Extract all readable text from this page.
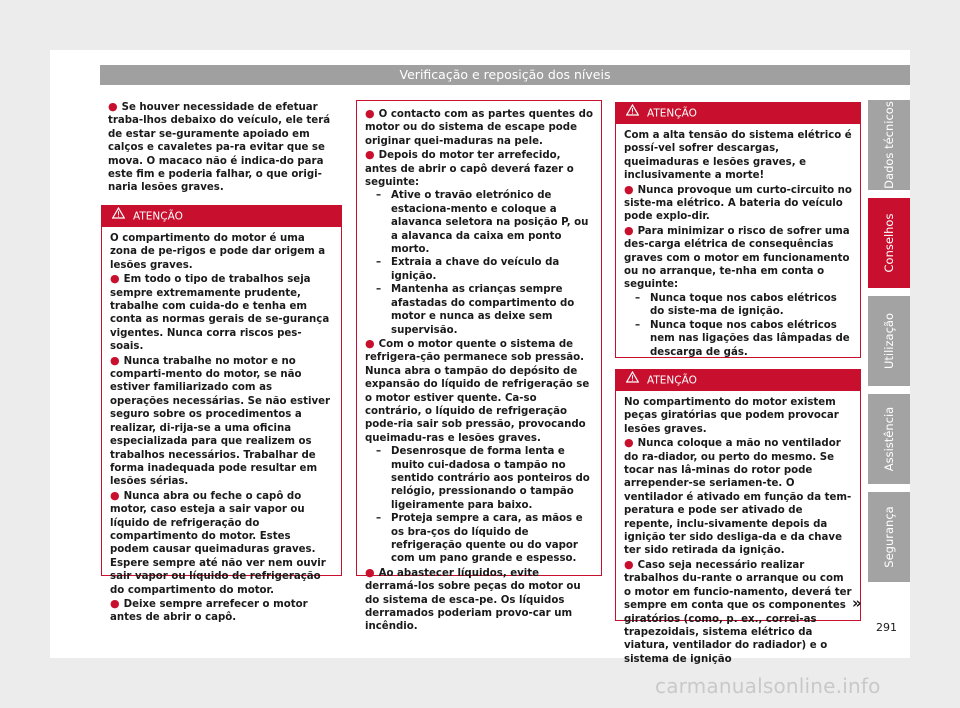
Verificação e reposição dos níveis

● Se houver necessidade de efetuar traba-lhos debaixo do veículo, ele terá de estar se-guramente apoiado em calços e cavaletes pa-ra evitar que se mova. O macaco não é indica-do para este fim e poderia falhar, o que origi-naria lesões graves.

ATENÇÃO

O compartimento do motor é uma zona de pe-rigos e pode dar origem a lesões graves.

● Em todo o tipo de trabalhos seja sempre extremamente prudente, trabalhe com cuida-do e tenha em conta as normas gerais de se-gurança vigentes. Nunca corra riscos pes-soais.

● Nunca trabalhe no motor e no comparti-mento do motor, se não estiver familiarizado com as operações necessárias. Se não estiver seguro sobre os procedimentos a realizar, di-rija-se a uma oficina especializada para que realizem os trabalhos necessários. Trabalhar de forma inadequada pode resultar em lesões sérias.

● Nunca abra ou feche o capô do motor, caso esteja a sair vapor ou líquido de refrigeração do compartimento do motor. Estes podem causar queimaduras graves. Espere sempre até não ver nem ouvir sair vapor ou líquido de refrigeração do compartimento do motor.

● Deixe sempre arrefecer o motor antes de abrir o capô.

● O contacto com as partes quentes do motor ou do sistema de escape pode originar quei-maduras na pele.

● Depois do motor ter arrefecido, antes de abrir o capô deverá fazer o seguinte:

– Ative o travão eletrónico de estaciona-mento e coloque a alavanca seletora na posição P, ou a alavanca da caixa em ponto morto.

– Extraia a chave do veículo da ignição.

– Mantenha as crianças sempre afastadas do compartimento do motor e nunca as deixe sem supervisão.

● Com o motor quente o sistema de refrigera-ção permanece sob pressão. Nunca abra o tampão do depósito de expansão do líquido de refrigeração se o motor estiver quente. Ca-so contrário, o líquido de refrigeração pode-ria sair sob pressão, provocando queimadu-ras e lesões graves.

– Desenrosque de forma lenta e muito cui-dadosa o tampão no sentido contrário aos ponteiros do relógio, pressionando o tampão ligeiramente para baixo.

– Proteja sempre a cara, as mãos e os bra-ços do líquido de refrigeração quente ou do vapor com um pano grande e espesso.

● Ao abastecer líquidos, evite derramá-los sobre peças do motor ou do sistema de esca-pe. Os líquidos derramados poderiam provo-car um incêndio.

ATENÇÃO

Com a alta tensão do sistema elétrico é possí-vel sofrer descargas, queimaduras e lesões graves, e inclusivamente a morte!

● Nunca provoque um curto-circuito no siste-ma elétrico. A bateria do veículo pode explo-dir.

● Para minimizar o risco de sofrer uma des-carga elétrica de consequências graves com o motor em funcionamento ou no arranque, te-nha em conta o seguinte:

– Nunca toque nos cabos elétricos do siste-ma de ignição.

– Nunca toque nos cabos elétricos nem nas ligações das lâmpadas de descarga de gás.

ATENÇÃO

No compartimento do motor existem peças giratórias que podem provocar lesões graves.

● Nunca coloque a mão no ventilador do ra-diador, ou perto do mesmo. Se tocar nas lâ-minas do rotor pode arrepender-se seriamen-te. O ventilador é ativado em função da tem-peratura e pode ser ativado de repente, inclu-sivamente depois da ignição ter sido desliga-da e da chave ter sido retirada da ignição.

● Caso seja necessário realizar trabalhos du-rante o arranque ou com o motor em funcio-namento, deverá ter sempre em conta que os componentes giratórios (como, p. ex., correi-as trapezoidais, sistema elétrico da viatura, ventilador do radiador) e o sistema de ignição

»
Dados técnicos
Conselhos
Utilização
Assistência
Segurança
291
carmanualsonline.info
